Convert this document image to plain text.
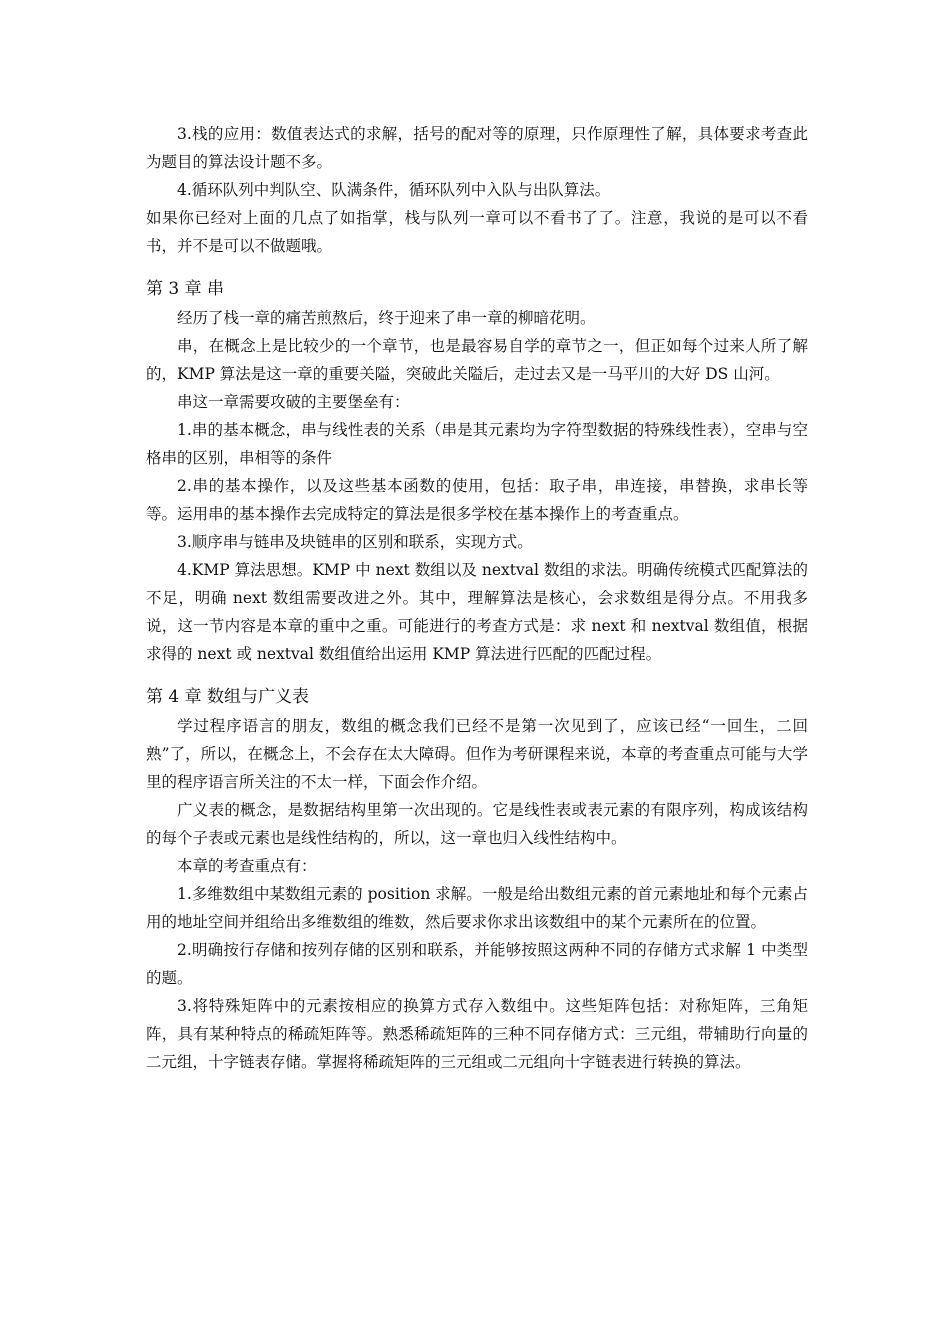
3.栈的应用：数值表达式的求解，括号的配对等的原理，只作原理性了解，具体要求考查此为题目的算法设计题不多。

4.循环队列中判队空、队满条件，循环队列中入队与出队算法。

如果你已经对上面的几点了如指掌，栈与队列一章可以不看书了了。注意，我说的是可以不看书，并不是可以不做题哦。

第 3 章 串

经历了栈一章的痛苦煎熬后，终于迎来了串一章的柳暗花明。

串，在概念上是比较少的一个章节，也是最容易自学的章节之一，但正如每个过来人所了解的，KMP 算法是这一章的重要关隘，突破此关隘后，走过去又是一马平川的大好 DS 山河。

串这一章需要攻破的主要堡垒有：

1.串的基本概念，串与线性表的关系（串是其元素均为字符型数据的特殊线性表），空串与空格串的区别，串相等的条件

2.串的基本操作，以及这些基本函数的使用，包括：取子串，串连接，串替换，求串长等等。运用串的基本操作去完成特定的算法是很多学校在基本操作上的考查重点。

3.顺序串与链串及块链串的区别和联系，实现方式。

4.KMP 算法思想。KMP 中 next 数组以及 nextval 数组的求法。明确传统模式匹配算法的不足，明确 next 数组需要改进之外。其中，理解算法是核心，会求数组是得分点。不用我多说，这一节内容是本章的重中之重。可能进行的考查方式是：求 next 和 nextval 数组值，根据求得的 next 或 nextval 数组值给出运用 KMP 算法进行匹配的匹配过程。

第 4 章 数组与广义表

学过程序语言的朋友，数组的概念我们已经不是第一次见到了，应该已经“一回生，二回熟”了，所以，在概念上，不会存在太大障碍。但作为考研课程来说，本章的考查重点可能与大学里的程序语言所关注的不太一样，下面会作介绍。

广义表的概念，是数据结构里第一次出现的。它是线性表或表元素的有限序列，构成该结构的每个子表或元素也是线性结构的，所以，这一章也归入线性结构中。

本章的考查重点有：

1.多维数组中某数组元素的 position 求解。一般是给出数组元素的首元素地址和每个元素占用的地址空间并组给出多维数组的维数，然后要求你求出该数组中的某个元素所在的位置。

2.明确按行存储和按列存储的区别和联系，并能够按照这两种不同的存储方式求解 1 中类型的题。

3.将特殊矩阵中的元素按相应的换算方式存入数组中。这些矩阵包括：对称矩阵，三角矩阵，具有某种特点的稀疏矩阵等。熟悉稀疏矩阵的三种不同存储方式：三元组，带辅助行向量的二元组，十字链表存储。掌握将稀疏矩阵的三元组或二元组向十字链表进行转换的算法。
